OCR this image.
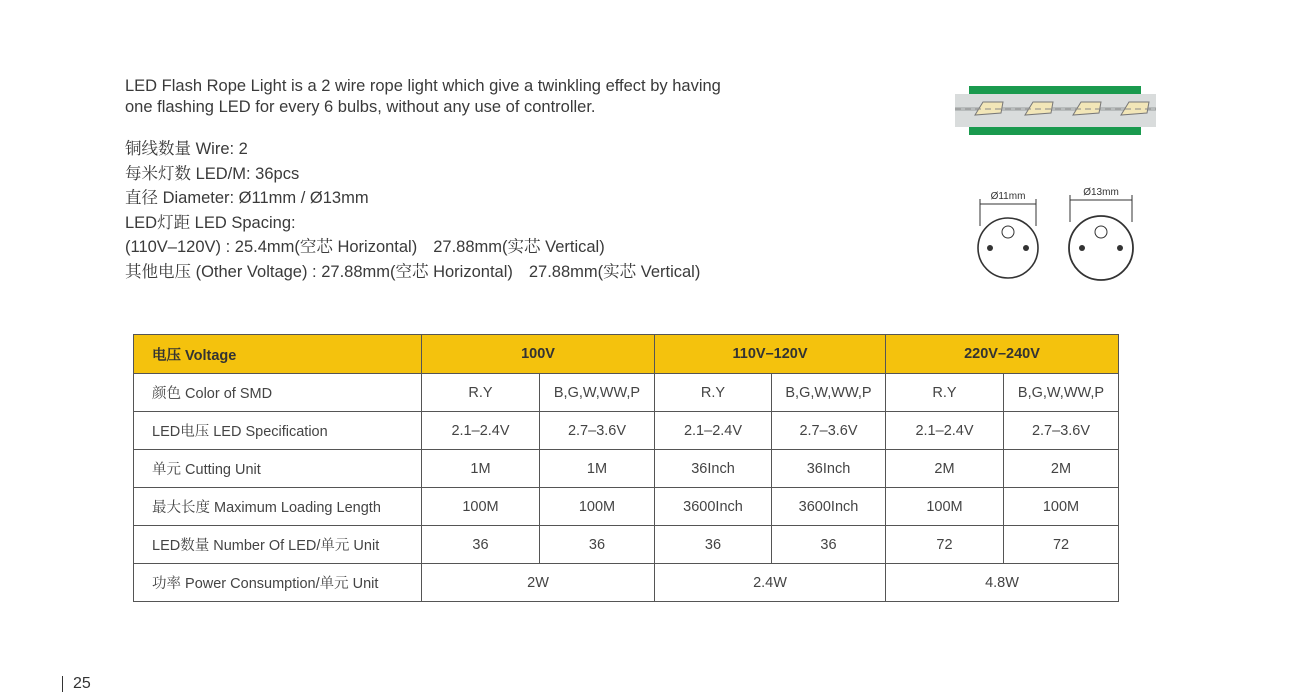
LED Flash Rope Light is a 2 wire rope light which give a twinkling effect by having

one flashing LED for every 6 bulbs, without any use of controller.

铜线数量 Wire: 2
每米灯数 LED/M: 36pcs
直径 Diameter: Ø11mm / Ø13mm
LED灯距 LED Spacing:
(110V–120V) : 25.4mm(空芯 Horizontal) 27.88mm(实芯 Vertical)
其他电压 (Other Voltage) : 27.88mm(空芯 Horizontal) 27.88mm(实芯 Vertical)
Ø11mm	Ø13mm
电压 Voltage	100V		110V–120V		220V–240V	
颜色 Color of SMD	R.Y	B,G,W,WW,P	R.Y	B,G,W,WW,P	R.Y	B,G,W,WW,P
LED电压 LED Specification	2.1–2.4V	2.7–3.6V	2.1–2.4V	2.7–3.6V	2.1–2.4V	2.7–3.6V
单元 Cutting Unit	1M	1M	36Inch	36Inch	2M	2M
最大长度 Maximum Loading Length	100M	100M	3600Inch	3600Inch	100M	100M
LED数量 Number Of LED/单元 Unit	36	36	36	36	72	72
功率 Power Consumption/单元 Unit	2W		2.4W		4.8W	
25
